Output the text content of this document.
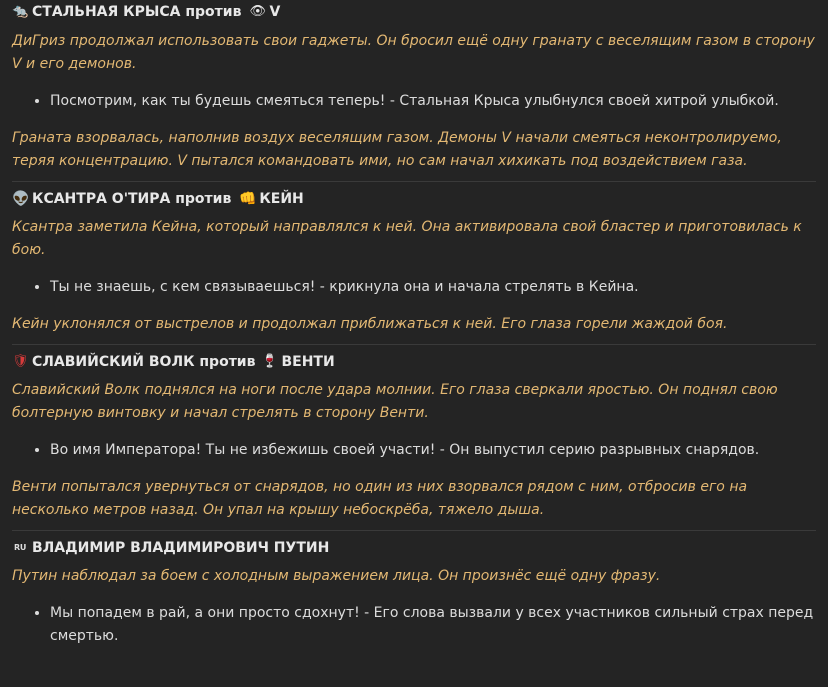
🐀 СТАЛЬНАЯ КРЫСА против 👁 V

ДиГриз продолжал использовать свои гаджеты. Он бросил ещё одну гранату с веселящим газом в сторону V и его демонов.

• Посмотрим, как ты будешь смеяться теперь! - Стальная Крыса улыбнулся своей хитрой улыбкой.

Граната взорвалась, наполнив воздух веселящим газом. Демоны V начали смеяться неконтролируемо, теряя концентрацию. V пытался командовать ими, но сам начал хихикать под воздействием газа.

👽 КСАНТРА О'ТИРА против 👊 КЕЙН

Ксантра заметила Кейна, который направлялся к ней. Она активировала свой бластер и приготовилась к бою.

• Ты не знаешь, с кем связываешься! - крикнула она и начала стрелять в Кейна.

Кейн уклонялся от выстрелов и продолжал приближаться к ней. Его глаза горели жаждой боя.

🛡 СЛАВИЙСКИЙ ВОЛК против 🍷 ВЕНТИ

Славийский Волк поднялся на ноги после удара молнии. Его глаза сверкали яростью. Он поднял свою болтерную винтовку и начал стрелять в сторону Венти.

• Во имя Императора! Ты не избежишь своей участи! - Он выпустил серию разрывных снарядов.

Венти попытался увернуться от снарядов, но один из них взорвался рядом с ним, отбросив его на несколько метров назад. Он упал на крышу небоскрёба, тяжело дыша.

RU ВЛАДИМИР ВЛАДИМИРОВИЧ ПУТИН

Путин наблюдал за боем с холодным выражением лица. Он произнёс ещё одну фразу.

• Мы попадем в рай, а они просто сдохнут! - Его слова вызвали у всех участников сильный страх перед смертью.
